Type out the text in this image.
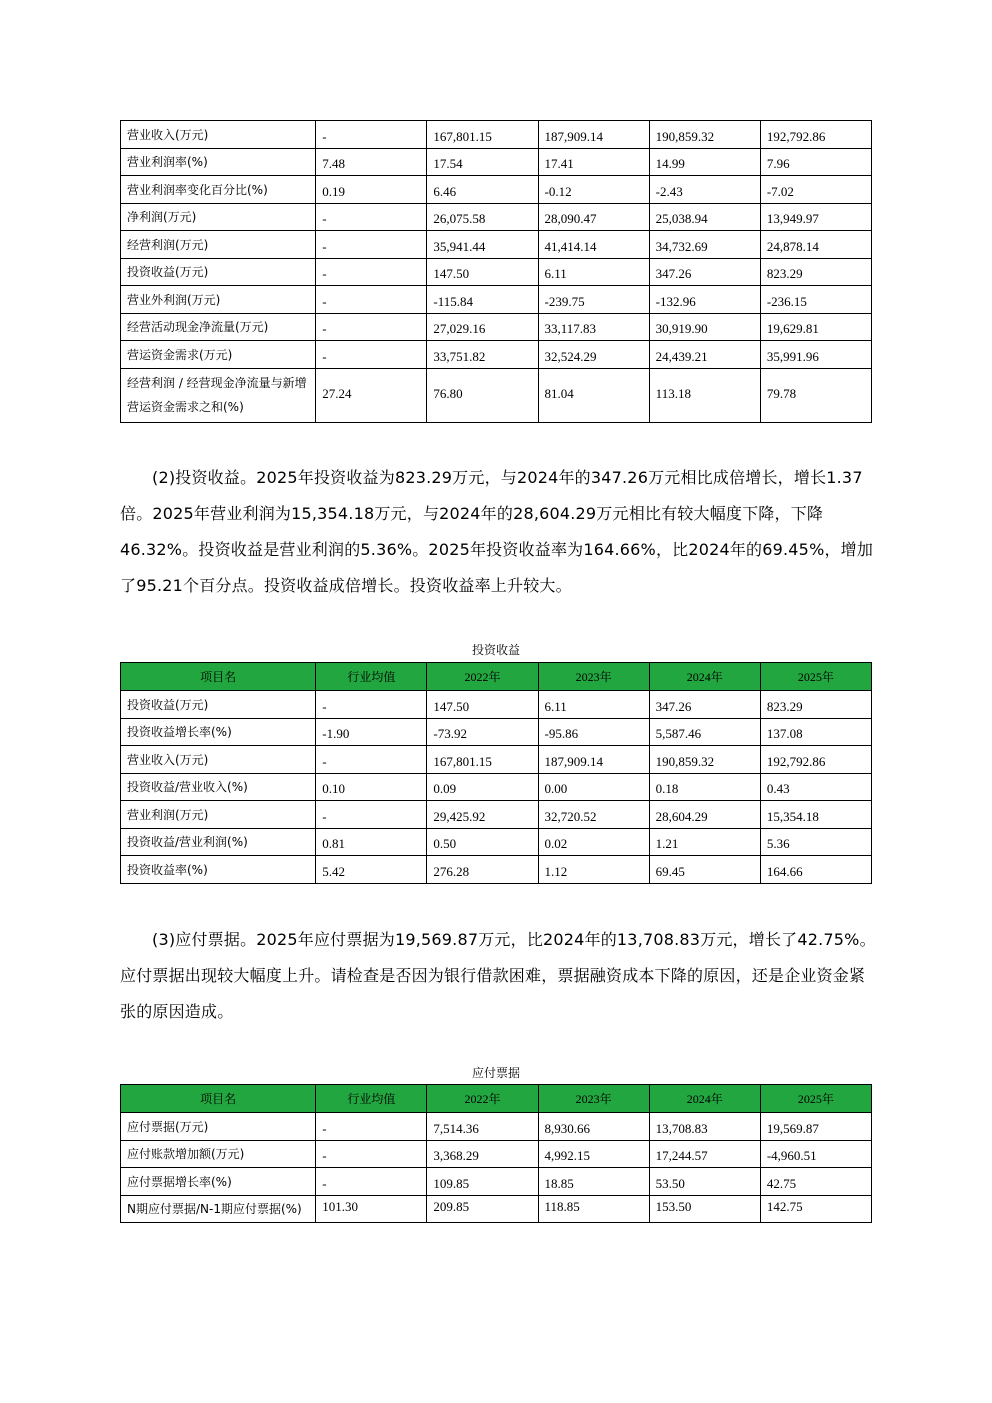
营业收入(万元)	-	167,801.15	187,909.14	190,859.32	192,792.86
营业利润率(%)	7.48	17.54	17.41	14.99	7.96
营业利润率变化百分比(%)	0.19	6.46	-0.12	-2.43	-7.02
净利润(万元)	-	26,075.58	28,090.47	25,038.94	13,949.97
经营利润(万元)	-	35,941.44	41,414.14	34,732.69	24,878.14
投资收益(万元)	-	147.50	6.11	347.26	823.29
营业外利润(万元)	-	-115.84	-239.75	-132.96	-236.15
经营活动现金净流量(万元)	-	27,029.16	33,117.83	30,919.90	19,629.81
营运资金需求(万元)	-	33,751.82	32,524.29	24,439.21	35,991.96
经营利润 / 经营现金净流量与新增营运资金需求之和(%)	27.24	76.80	81.04	113.18	79.78

(2)投资收益。2025年投资收益为823.29万元，与2024年的347.26万元相比成倍增长，增长1.37倍。2025年营业利润为15,354.18万元，与2024年的28,604.29万元相比有较大幅度下降，下降46.32%。投资收益是营业利润的5.36%。2025年投资收益率为164.66%，比2024年的69.45%，增加了95.21个百分点。投资收益成倍增长。投资收益率上升较大。

投资收益

项目名	行业均值	2022年	2023年	2024年	2025年
投资收益(万元)	-	147.50	6.11	347.26	823.29
投资收益增长率(%)	-1.90	-73.92	-95.86	5,587.46	137.08
营业收入(万元)	-	167,801.15	187,909.14	190,859.32	192,792.86
投资收益/营业收入(%)	0.10	0.09	0.00	0.18	0.43
营业利润(万元)	-	29,425.92	32,720.52	28,604.29	15,354.18
投资收益/营业利润(%)	0.81	0.50	0.02	1.21	5.36
投资收益率(%)	5.42	276.28	1.12	69.45	164.66

(3)应付票据。2025年应付票据为19,569.87万元，比2024年的13,708.83万元，增长了42.75%。应付票据出现较大幅度上升。请检查是否因为银行借款困难，票据融资成本下降的原因，还是企业资金紧张的原因造成。

应付票据

项目名	行业均值	2022年	2023年	2024年	2025年
应付票据(万元)	-	7,514.36	8,930.66	13,708.83	19,569.87
应付账款增加额(万元)	-	3,368.29	4,992.15	17,244.57	-4,960.51
应付票据增长率(%)	-	109.85	18.85	53.50	42.75
N期应付票据/N-1期应付票据(%)	101.30	209.85	118.85	153.50	142.75
